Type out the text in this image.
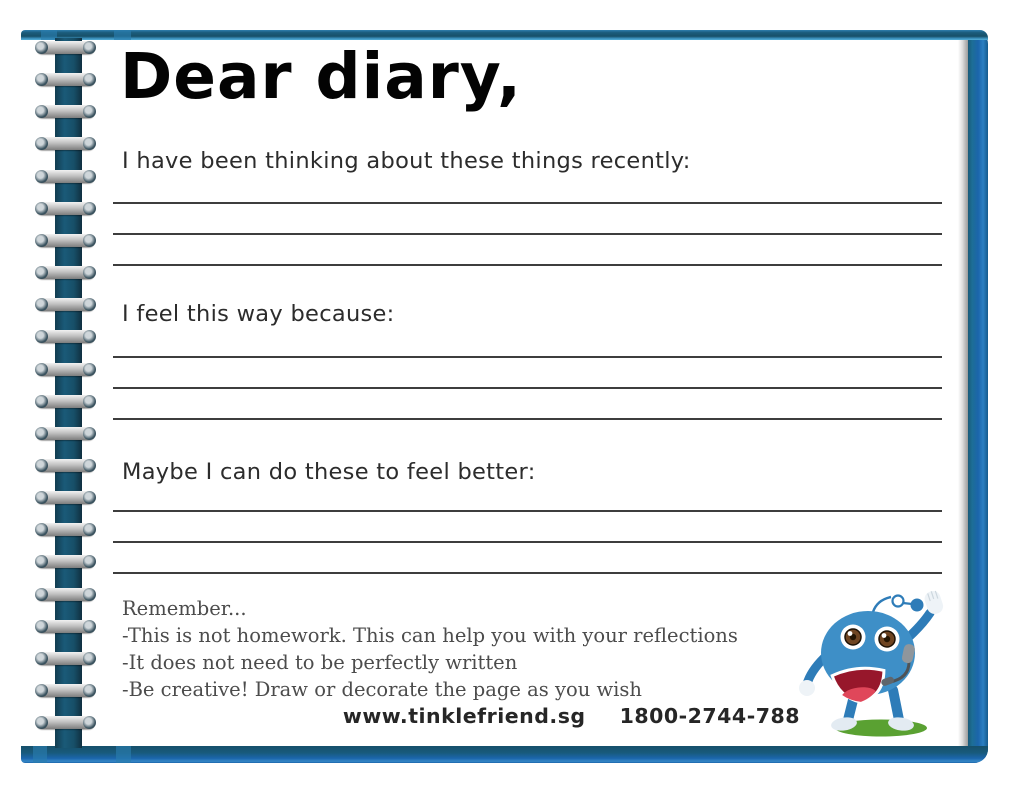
Dear diary,
I have been thinking about these things recently:
I feel this way because:
Maybe I can do these to feel better:
Remember...
-This is not homework. This can help you with your reflections
-It does not need to be perfectly written
-Be creative! Draw or decorate the page as you wish
www.tinklefriend.sg 1800-2744-788
